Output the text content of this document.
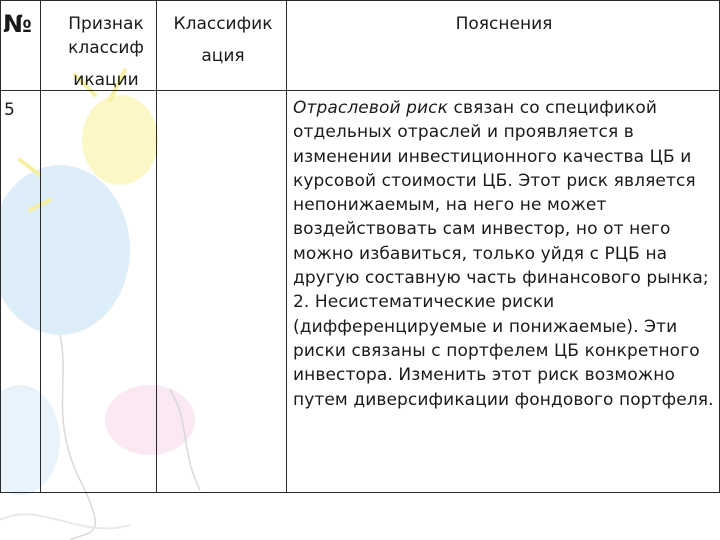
№	Признак
классиф
икации
Классифик
ация
Пояснения
5	Отраслевой риск связан со спецификой отдельных отраслей и проявляется в изменении инвестиционного качества ЦБ и курсовой стоимости ЦБ. Этот риск является непонижаемым, на него не может воздействовать сам инвестор, но от него можно избавиться, только уйдя с РЦБ на другую составную часть финансового рынка;

2. Несистематические риски (дифференцируемые и понижаемые). Эти риски связаны с портфелем ЦБ конкретного инвестора. Изменить этот риск возможно путем диверсификации фондового портфеля.
